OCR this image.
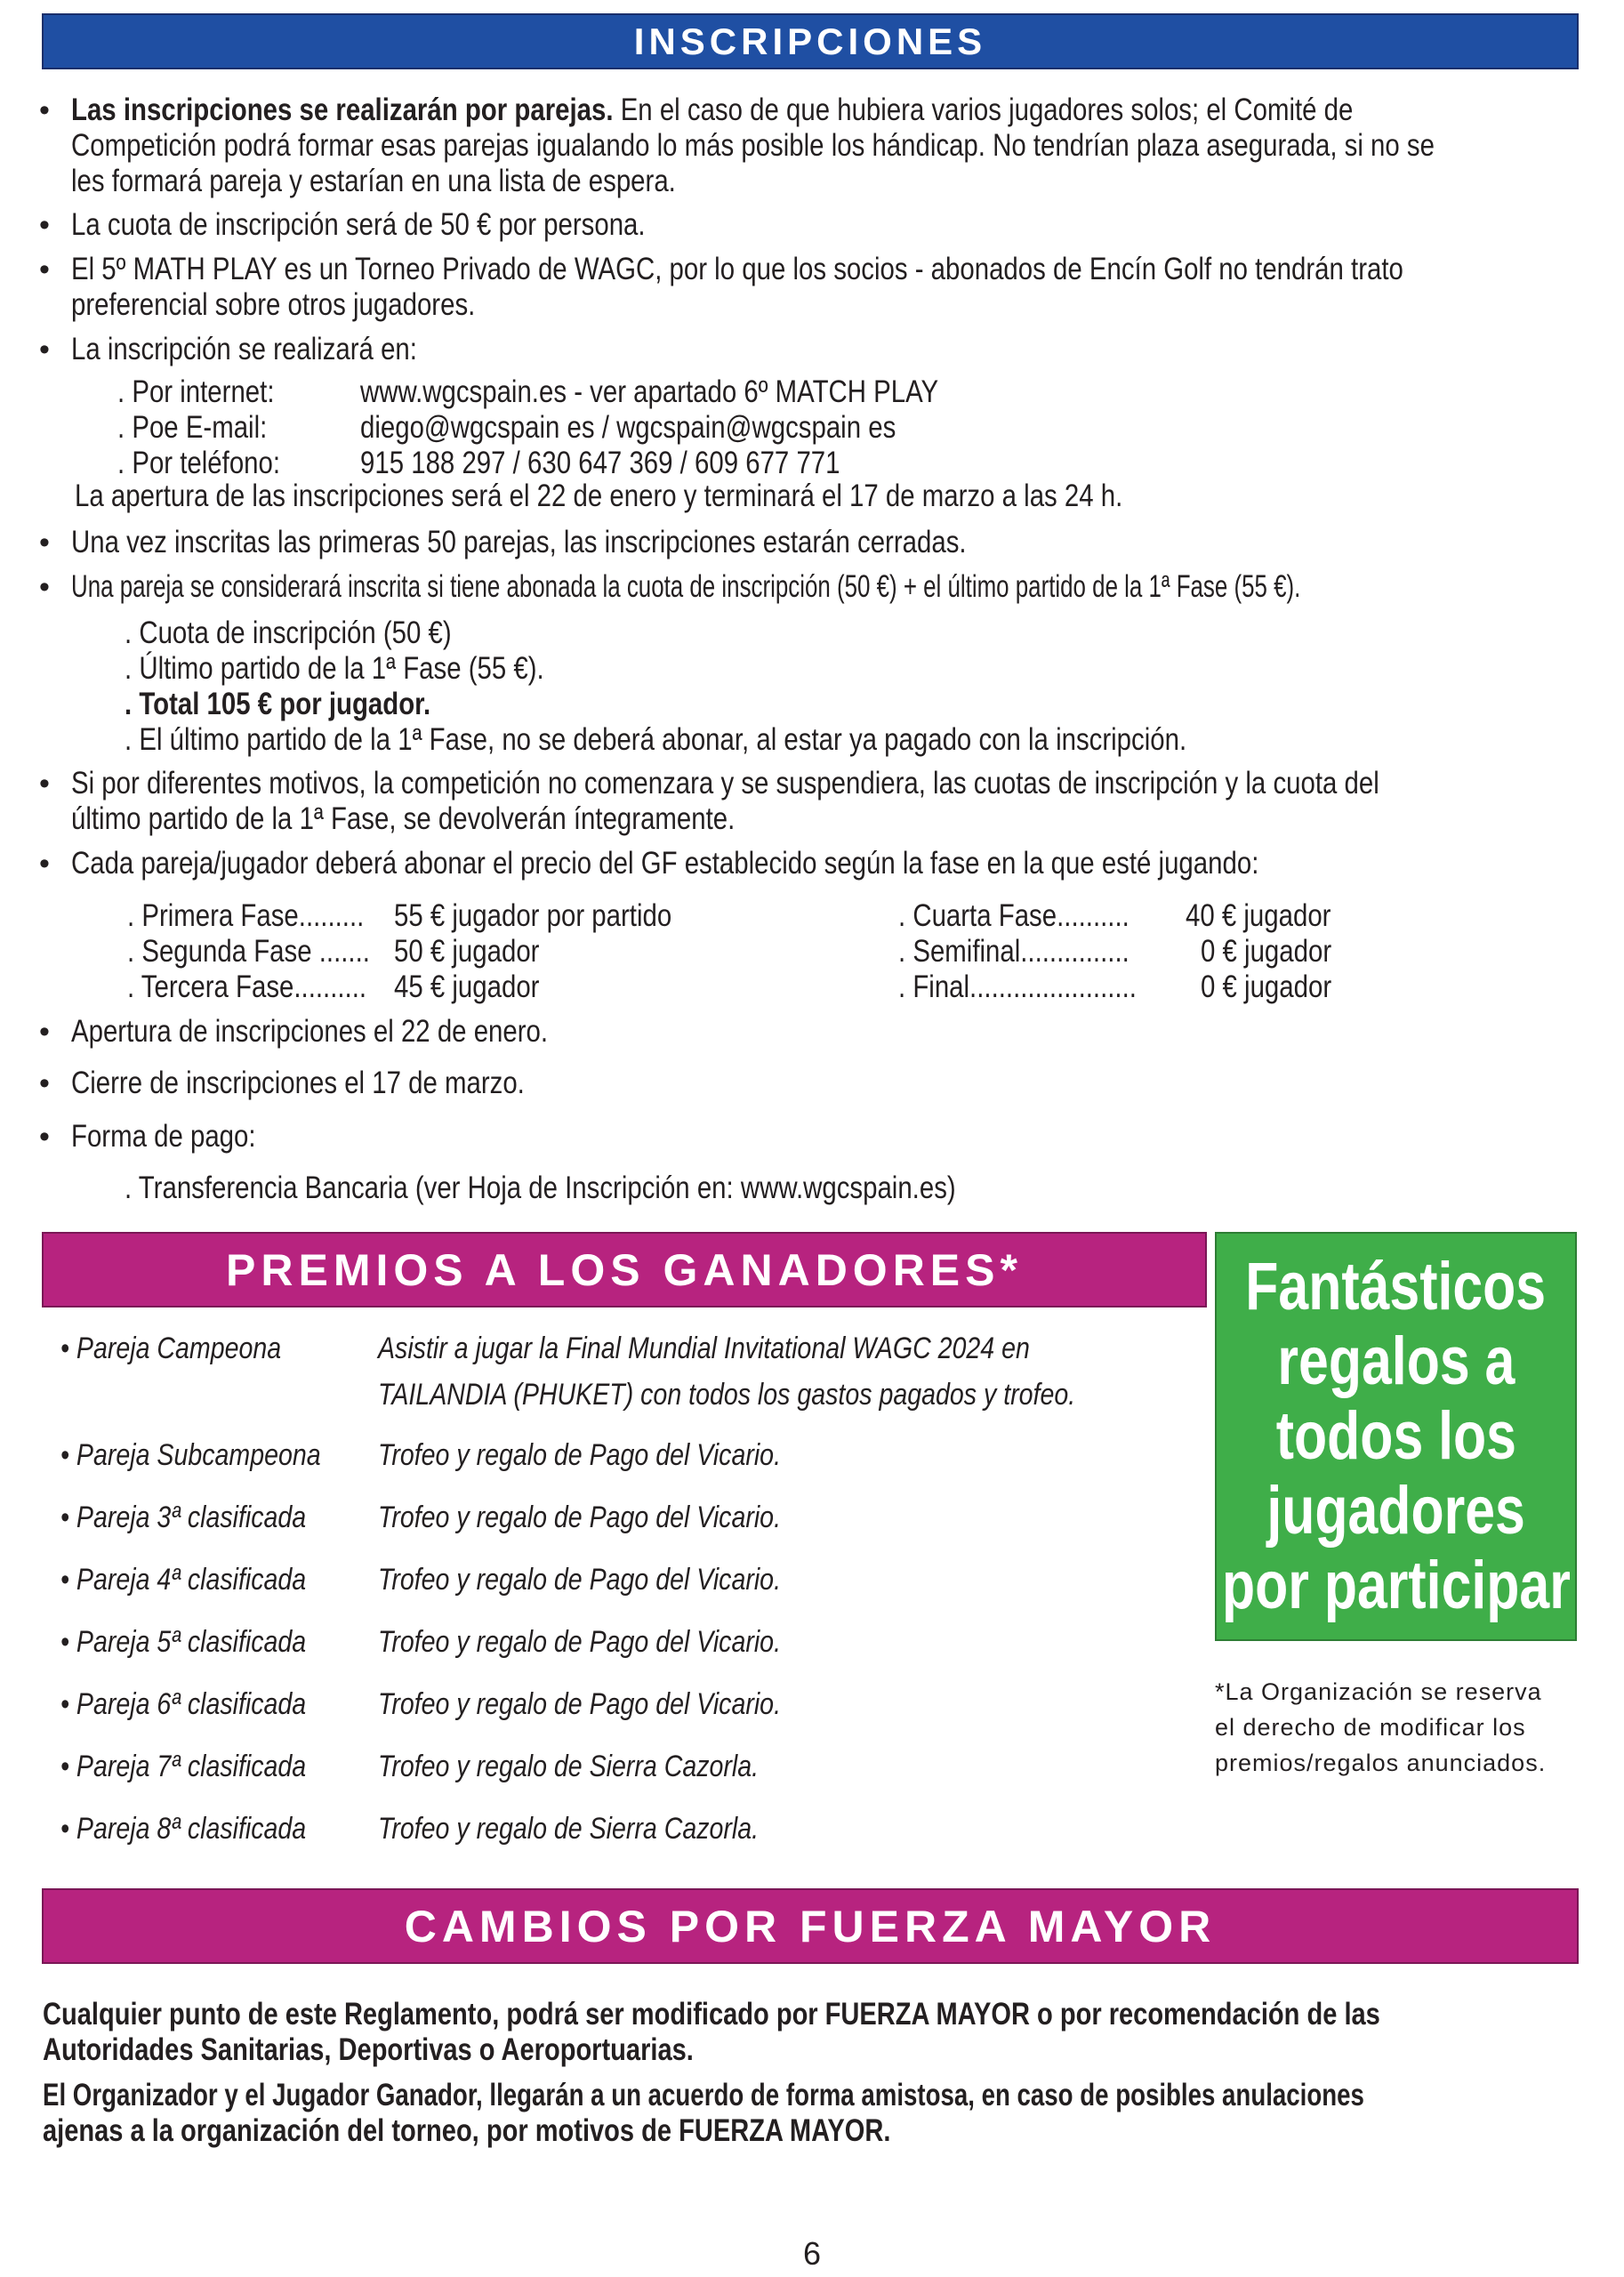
INSCRIPCIONES
• Las inscripciones se realizarán por parejas. En el caso de que hubiera varios jugadores solos; el Comité de
Competición podrá formar esas parejas igualando lo más posible los hándicap. No tendrían plaza asegurada, si no se
les formará pareja y estarían en una lista de espera.
• La cuota de inscripción será de 50 € por persona.
• El 5º MATH PLAY es un Torneo Privado de WAGC, por lo que los socios - abonados de Encín Golf no tendrán trato
preferencial sobre otros jugadores.
• La inscripción se realizará en:
. Por internet:	www.wgcspain.es - ver apartado 6º MATCH PLAY
. Poe E-mail:	diego@wgcspain es / wgcspain@wgcspain es
. Por teléfono:	915 188 297 / 630 647 369 / 609 677 771
La apertura de las inscripciones será el 22 de enero y terminará el 17 de marzo a las 24 h.
• Una vez inscritas las primeras 50 parejas, las inscripciones estarán cerradas.
• Una pareja se considerará inscrita si tiene abonada la cuota de inscripción (50 €) + el último partido de la 1ª Fase (55 €).
. Cuota de inscripción (50 €)
. Último partido de la 1ª Fase (55 €).
. Total 105 € por jugador.
. El último partido de la 1ª Fase, no se deberá abonar, al estar ya pagado con la inscripción.
• Si por diferentes motivos, la competición no comenzara y se suspendiera, las cuotas de inscripción y la cuota del
último partido de la 1ª Fase, se devolverán íntegramente.
• Cada pareja/jugador deberá abonar el precio del GF establecido según la fase en la que esté jugando:
. Primera Fase......... 55 € jugador por partido
. Segunda Fase ....... 50 € jugador
. Tercera Fase.......... 45 € jugador
. Cuarta Fase..........	40 € jugador
. Semifinal...............	0 € jugador
. Final.......................	0 € jugador
• Apertura de inscripciones el 22 de enero.
• Cierre de inscripciones el 17 de marzo.
• Forma de pago:
. Transferencia Bancaria (ver Hoja de Inscripción en: www.wgcspain.es)
PREMIOS A LOS GANADORES*
• Pareja Campeona	Asistir a jugar la Final Mundial Invitational WAGC 2024 en
TAILANDIA (PHUKET) con todos los gastos pagados y trofeo.
• Pareja Subcampeona	Trofeo y regalo de Pago del Vicario.
• Pareja 3ª clasificada	Trofeo y regalo de Pago del Vicario.
• Pareja 4ª clasificada	Trofeo y regalo de Pago del Vicario.
• Pareja 5ª clasificada	Trofeo y regalo de Pago del Vicario.
• Pareja 6ª clasificada	Trofeo y regalo de Pago del Vicario.
• Pareja 7ª clasificada	Trofeo y regalo de Sierra Cazorla.
• Pareja 8ª clasificada	Trofeo y regalo de Sierra Cazorla.
Fantásticos
regalos a
todos los
jugadores
por participar
*La Organización se reserva
el derecho de modificar los
premios/regalos anunciados.
CAMBIOS POR FUERZA MAYOR
Cualquier punto de este Reglamento, podrá ser modificado por FUERZA MAYOR o por recomendación de las
Autoridades Sanitarias, Deportivas o Aeroportuarias.
El Organizador y el Jugador Ganador, llegarán a un acuerdo de forma amistosa, en caso de posibles anulaciones
ajenas a la organización del torneo, por motivos de FUERZA MAYOR.
6
